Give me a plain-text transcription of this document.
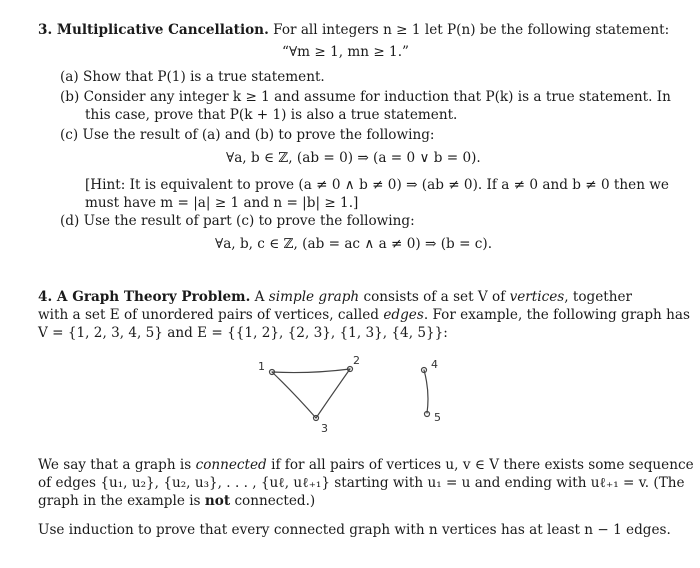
3. Multiplicative Cancellation. For all integers n ≥ 1 let P(n) be the following statement:
“∀m ≥ 1, mn ≥ 1.”
(a) Show that P(1) is a true statement.
(b) Consider any integer k ≥ 1 and assume for induction that P(k) is a true statement. In
this case, prove that P(k + 1) is also a true statement.
(c) Use the result of (a) and (b) to prove the following:
∀a, b ∈ ℤ, (ab = 0) ⇒ (a = 0 ∨ b = 0).
[Hint: It is equivalent to prove (a ≠ 0 ∧ b ≠ 0) ⇒ (ab ≠ 0). If a ≠ 0 and b ≠ 0 then we
must have m = |a| ≥ 1 and n = |b| ≥ 1.]
(d) Use the result of part (c) to prove the following:
∀a, b, c ∈ ℤ, (ab = ac ∧ a ≠ 0) ⇒ (b = c).
4. A Graph Theory Problem. A simple graph consists of a set V of vertices, together
with a set E of unordered pairs of vertices, called edges. For example, the following graph has
V = {1, 2, 3, 4, 5} and E = {{1, 2}, {2, 3}, {1, 3}, {4, 5}}:
1	2
3
4
5
We say that a graph is connected if for all pairs of vertices u, v ∈ V there exists some sequence
of edges {u₁, u₂}, {u₂, u₃}, . . . , {uℓ, uℓ₊₁} starting with u₁ = u and ending with uℓ₊₁ = v. (The
graph in the example is not connected.)
Use induction to prove that every connected graph with n vertices has at least n − 1 edges.
